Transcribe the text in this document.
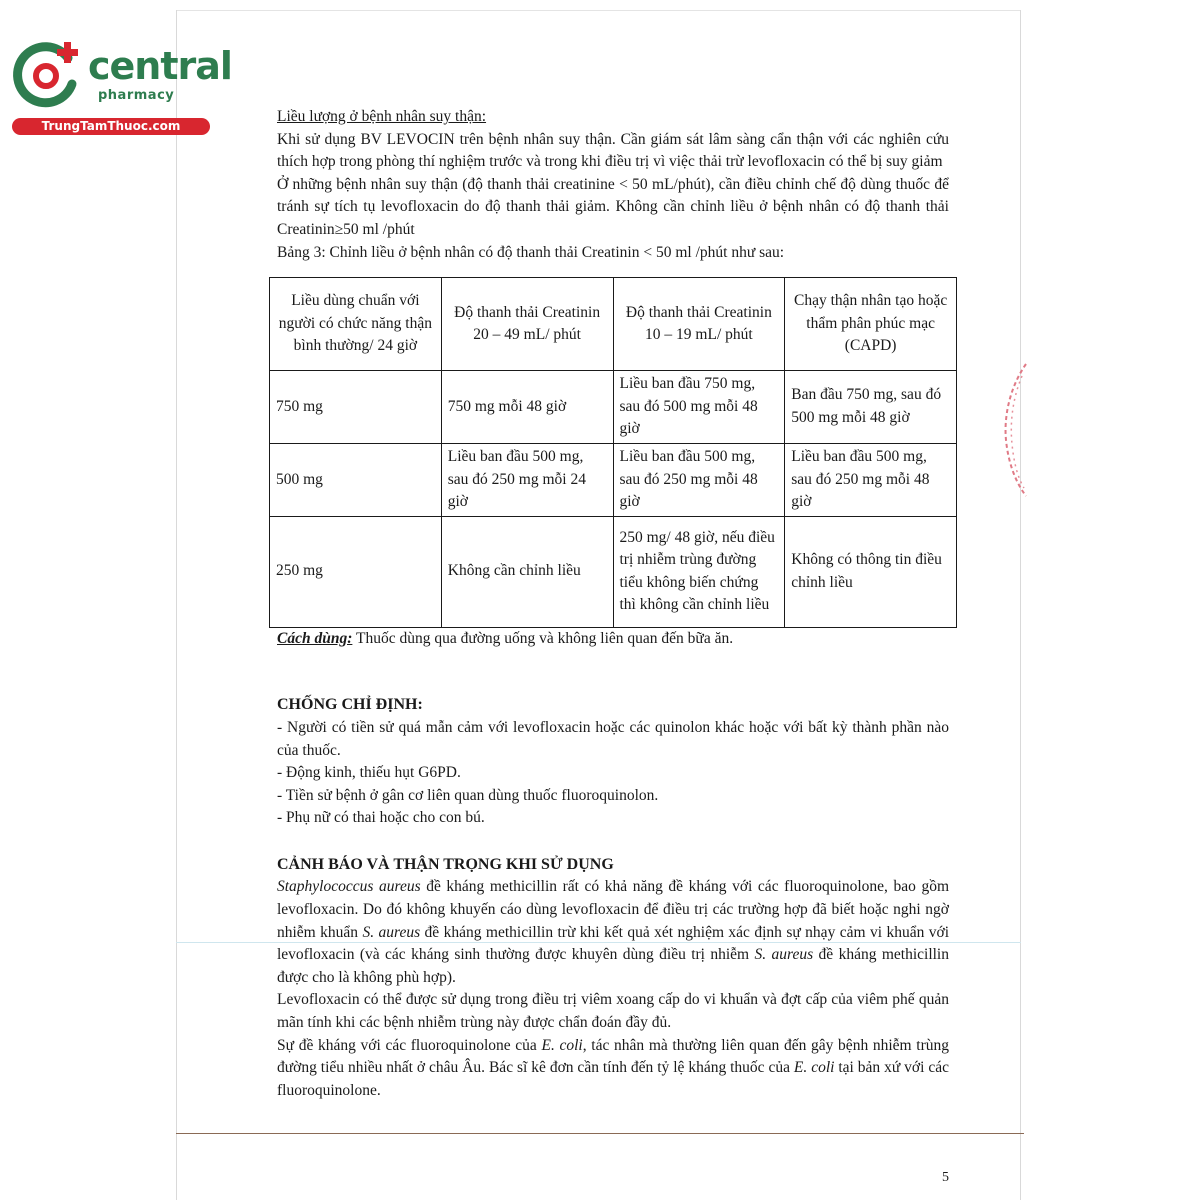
central
pharmacy
TrungTamThuoc.com

Liều lượng ở bệnh nhân suy thận:

Khi sử dụng BV LEVOCIN trên bệnh nhân suy thận. Cần giám sát lâm sàng cẩn thận với các nghiên cứu thích hợp trong phòng thí nghiệm trước và trong khi điều trị vì việc thải trừ levofloxacin có thể bị suy giảm

Ở những bệnh nhân suy thận (độ thanh thải creatinine < 50 mL/phút), cần điều chỉnh chế độ dùng thuốc để tránh sự tích tụ levofloxacin do độ thanh thải giảm. Không cần chỉnh liều ở bệnh nhân có độ thanh thải Creatinin≥50 ml /phút

Bảng 3: Chỉnh liều ở bệnh nhân có độ thanh thải Creatinin < 50 ml /phút như sau:

Liều dùng chuẩn với người có chức năng thận bình thường/ 24 giờ	Độ thanh thải Creatinin 20 – 49 mL/ phút	Độ thanh thải Creatinin 10 – 19 mL/ phút	Chạy thận nhân tạo hoặc thẩm phân phúc mạc (CAPD)
750 mg	750 mg mỗi 48 giờ	Liều ban đầu 750 mg, sau đó 500 mg mỗi 48 giờ	Ban đầu 750 mg, sau đó 500 mg mỗi 48 giờ
500 mg	Liều ban đầu 500 mg, sau đó 250 mg mỗi 24 giờ	Liều ban đầu 500 mg, sau đó 250 mg mỗi 48 giờ	Liều ban đầu 500 mg, sau đó 250 mg mỗi 48 giờ
250 mg	Không cần chỉnh liều	250 mg/ 48 giờ, nếu điều trị nhiễm trùng đường tiểu không biến chứng thì không cần chỉnh liều	Không có thông tin điều chỉnh liều

Cách dùng: Thuốc dùng qua đường uống và không liên quan đến bữa ăn.

CHỐNG CHỈ ĐỊNH:

- Người có tiền sử quá mẫn cảm với levofloxacin hoặc các quinolon khác hoặc với bất kỳ thành phần nào của thuốc.

- Động kinh, thiếu hụt G6PD.

- Tiền sử bệnh ở gân cơ liên quan dùng thuốc fluoroquinolon.

- Phụ nữ có thai hoặc cho con bú.

CẢNH BÁO VÀ THẬN TRỌNG KHI SỬ DỤNG

Staphylococcus aureus đề kháng methicillin rất có khả năng đề kháng với các fluoroquinolone, bao gồm levofloxacin. Do đó không khuyến cáo dùng levofloxacin để điều trị các trường hợp đã biết hoặc nghi ngờ nhiễm khuẩn S. aureus đề kháng methicillin trừ khi kết quả xét nghiệm xác định sự nhạy cảm vi khuẩn với levofloxacin (và các kháng sinh thường được khuyên dùng điều trị nhiễm S. aureus đề kháng methicillin được cho là không phù hợp).

Levofloxacin có thể được sử dụng trong điều trị viêm xoang cấp do vi khuẩn và đợt cấp của viêm phế quản mãn tính khi các bệnh nhiễm trùng này được chẩn đoán đầy đủ.

Sự đề kháng với các fluoroquinolone của E. coli, tác nhân mà thường liên quan đến gây bệnh nhiễm trùng đường tiểu nhiều nhất ở châu Âu. Bác sĩ kê đơn cần tính đến tỷ lệ kháng thuốc của E. coli tại bản xứ với các fluoroquinolone.

5
